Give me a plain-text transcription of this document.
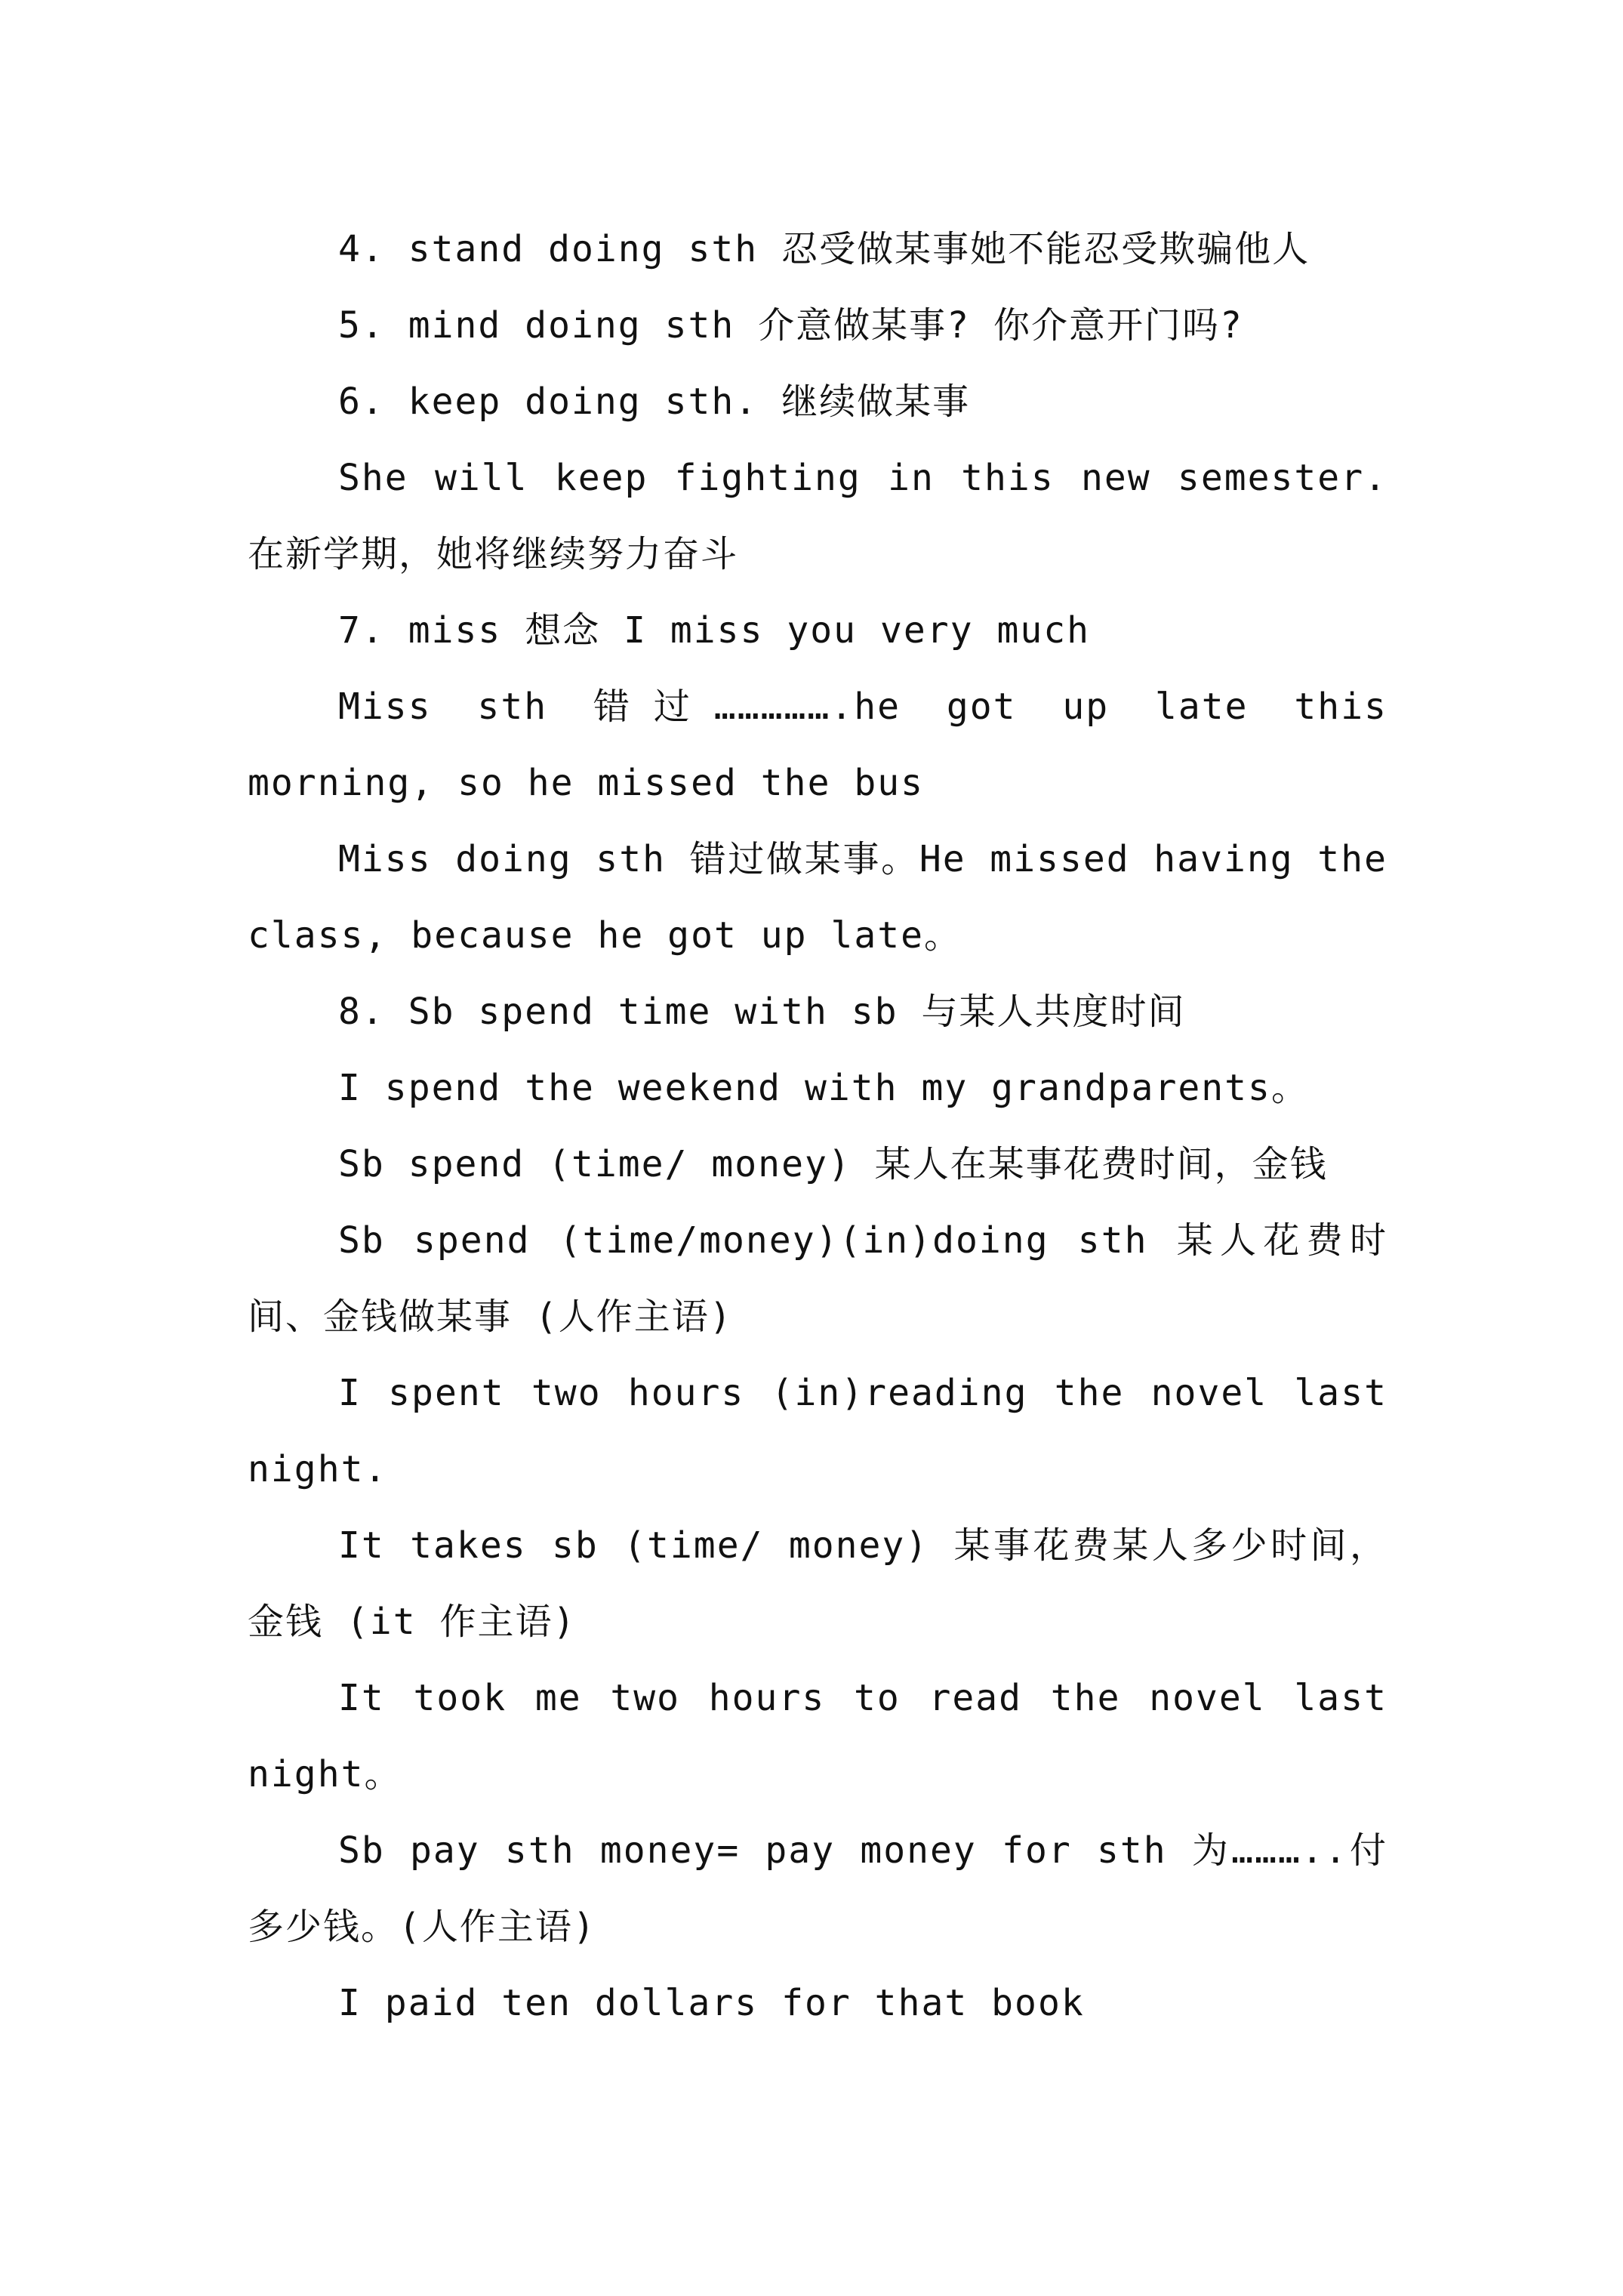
4. stand doing sth 忍受做某事她不能忍受欺骗他人

5. mind doing sth 介意做某事? 你介意开门吗?

6. keep doing sth. 继续做某事

She will keep fighting in this new semester. 在新学期，她将继续努力奋斗

7. miss 想念 I miss you very much

Miss sth 错过…………….he got up late this morning, so he missed the bus

Miss doing sth 错过做某事。He missed having the class, because he got up late。

8. Sb spend time with sb 与某人共度时间

I spend the weekend with my grandparents。

Sb spend (time/ money) 某人在某事花费时间，金钱

Sb spend (time/money)(in)doing sth 某人花费时间、金钱做某事 (人作主语)

I spent two hours (in)reading the novel last night.

It takes sb (time/ money) 某事花费某人多少时间，金钱 (it 作主语)

It took me two hours to read the novel last night。

Sb pay sth money= pay money for sth 为………..付多少钱。(人作主语)

I paid ten dollars for that book
